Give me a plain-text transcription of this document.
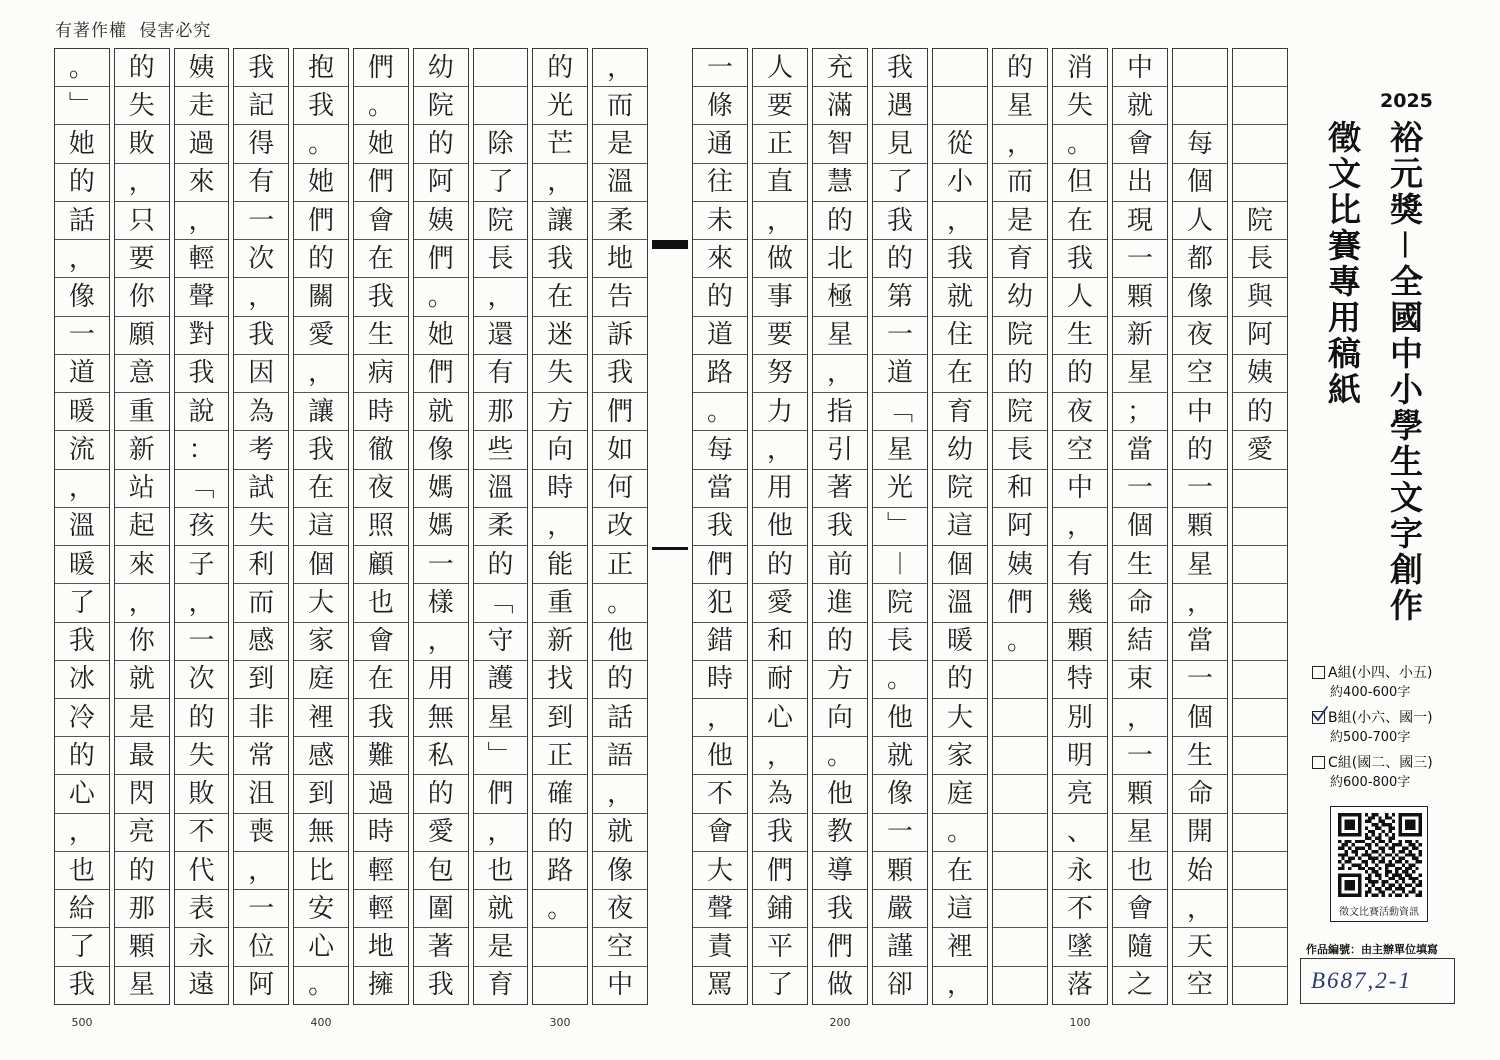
有著作權 侵害必究
院
長
與
阿
姨
的
愛
每
個
人
都
像
夜
空
中
的
一
顆
星
，
當
一
個
生
命
開
始
，
天
空
中
就
會
出
現
一
顆
新
星
；
當
一
個
生
命
結
束
，
一
顆
星
也
會
隨
之
消
失
。
但
在
我
人
生
的
夜
空
中
，
有
幾
顆
特
別
明
亮
、
永
不
墜
落
的
星
，
而
是
育
幼
院
的
院
長
和
阿
姨
們
。
從
小
，
我
就
住
在
育
幼
院
這
個
溫
暖
的
大
家
庭
。
在
這
裡
，
我
遇
見
了
我
的
第
一
道
﹁
星
光
﹂
︱
院
長
。
他
就
像
一
顆
嚴
謹
卻
充
滿
智
慧
的
北
極
星
，
指
引
著
我
前
進
的
方
向
。
他
教
導
我
們
做
人
要
正
直
，
做
事
要
努
力
，
用
他
的
愛
和
耐
心
，
為
我
們
鋪
平
了
一
條
通
往
未
來
的
道
路
。
每
當
我
們
犯
錯
時
，
他
不
會
大
聲
責
罵
，
而
是
溫
柔
地
告
訴
我
們
如
何
改
正
。
他
的
話
語
，
就
像
夜
空
中
的
光
芒
，
讓
我
在
迷
失
方
向
時
，
能
重
新
找
到
正
確
的
路
。
除
了
院
長
，
還
有
那
些
溫
柔
的
﹁
守
護
星
﹂
們
，
也
就
是
育
幼
院
的
阿
姨
們
。
她
們
就
像
媽
媽
一
樣
，
用
無
私
的
愛
包
圍
著
我
們
。
她
們
會
在
我
生
病
時
徹
夜
照
顧
也
會
在
我
難
過
時
輕
輕
地
擁
抱
我
。
她
們
的
關
愛
，
讓
我
在
這
個
大
家
庭
裡
感
到
無
比
安
心
。
我
記
得
有
一
次
，
我
因
為
考
試
失
利
而
感
到
非
常
沮
喪
，
一
位
阿
姨
走
過
來
，
輕
聲
對
我
說
：
﹁
孩
子
，
一
次
的
失
敗
不
代
表
永
遠
的
失
敗
，
只
要
你
願
意
重
新
站
起
來
，
你
就
是
最
閃
亮
的
那
顆
星
。
﹂
她
的
話
，
像
一
道
暖
流
，
溫
暖
了
我
冰
冷
的
心
，
也
給
了
我
500	400	300	200	100
2025
裕元獎－全國中小學生文字創作
徵文比賽專用稿紙
A組(小四、小五)
約400-600字
B組(小六、國一)
約500-700字
C組(國二、國三)
約600-800字
徵文比賽活動資訊
作品編號：由主辦單位填寫
B687,2-1
